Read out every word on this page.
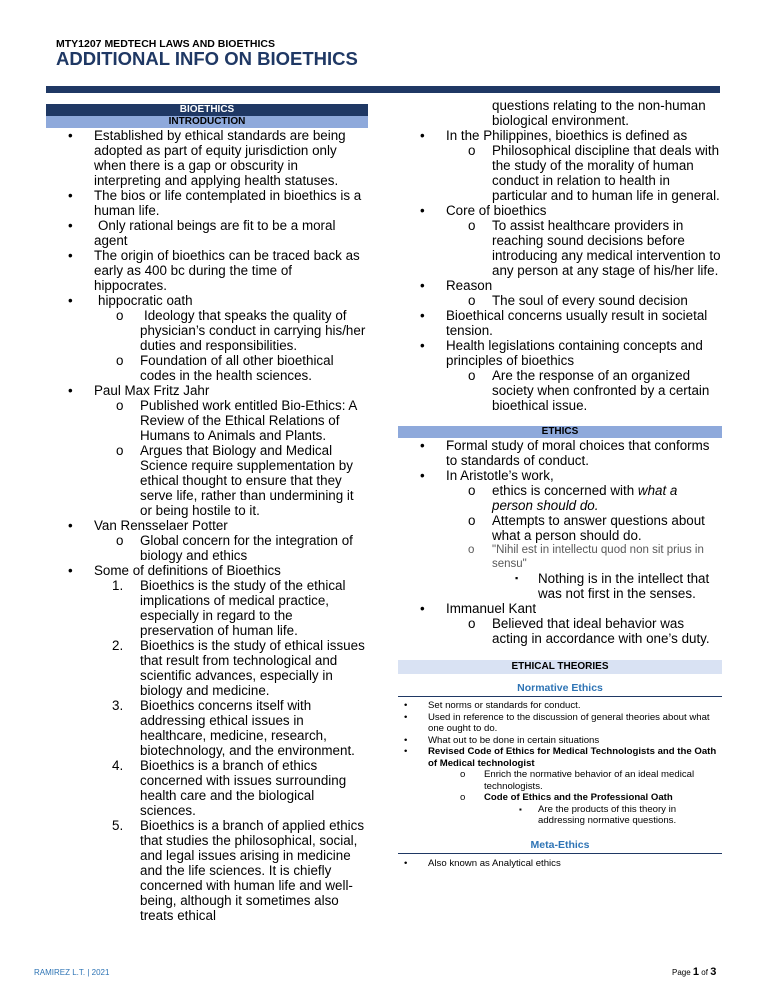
MTY1207 MEDTECH LAWS AND BIOETHICS
ADDITIONAL INFO ON BIOETHICS
BIOETHICS
INTRODUCTION
• Established by ethical standards are being adopted as part of equity jurisdiction only when there is a gap or obscurity in interpreting and applying health statuses.
• The bios or life contemplated in bioethics is a human life.
• Only rational beings are fit to be a moral agent
• The origin of bioethics can be traced back as early as 400 bc during the time of hippocrates.
• hippocratic oath
o Ideology that speaks the quality of physician’s conduct in carrying his/her duties and responsibilities.
o Foundation of all other bioethical codes in the health sciences.
• Paul Max Fritz Jahr
o Published work entitled Bio-Ethics: A Review of the Ethical Relations of Humans to Animals and Plants.
o Argues that Biology and Medical Science require supplementation by ethical thought to ensure that they serve life, rather than undermining it or being hostile to it.
• Van Rensselaer Potter
o Global concern for the integration of biology and ethics
• Some of definitions of Bioethics
1. Bioethics is the study of the ethical implications of medical practice, especially in regard to the preservation of human life.
2. Bioethics is the study of ethical issues that result from technological and scientific advances, especially in biology and medicine.
3. Bioethics concerns itself with addressing ethical issues in healthcare, medicine, research, biotechnology, and the environment.
4. Bioethics is a branch of ethics concerned with issues surrounding health care and the biological sciences.
5. Bioethics is a branch of applied ethics that studies the philosophical, social, and legal issues arising in medicine and the life sciences. It is chiefly concerned with human life and well-being, although it sometimes also treats ethical
questions relating to the non-human biological environment.
• In the Philippines, bioethics is defined as
o Philosophical discipline that deals with the study of the morality of human conduct in relation to health in particular and to human life in general.
• Core of bioethics
o To assist healthcare providers in reaching sound decisions before introducing any medical intervention to any person at any stage of his/her life.
• Reason
o The soul of every sound decision
• Bioethical concerns usually result in societal tension.
• Health legislations containing concepts and principles of bioethics
o Are the response of an organized society when confronted by a certain bioethical issue.
ETHICS
• Formal study of moral choices that conforms to standards of conduct.
• In Aristotle’s work,
o ethics is concerned with what a person should do.
o Attempts to answer questions about what a person should do.
o "Nihil est in intellectu quod non sit prius in sensu"
▪ Nothing is in the intellect that was not first in the senses.
• Immanuel Kant
o Believed that ideal behavior was acting in accordance with one’s duty.
ETHICAL THEORIES
Normative Ethics
• Set norms or standards for conduct.
• Used in reference to the discussion of general theories about what one ought to do.
• What out to be done in certain situations
• Revised Code of Ethics for Medical Technologists and the Oath of Medical technologist
o Enrich the normative behavior of an ideal medical technologists.
o Code of Ethics and the Professional Oath
▪ Are the products of this theory in addressing normative questions.
Meta-Ethics
• Also known as Analytical ethics
RAMIREZ L.T. | 2021	Page 1 of 3
